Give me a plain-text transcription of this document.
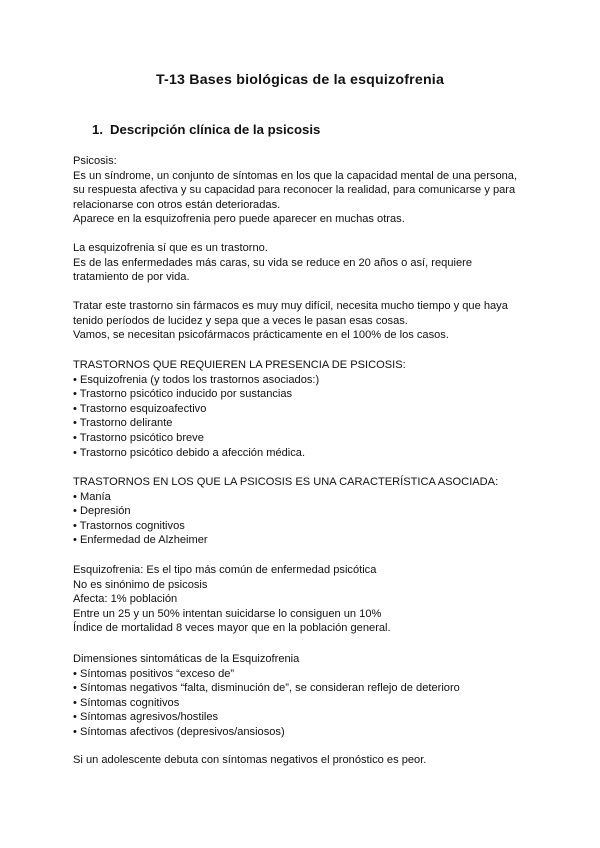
T-13 Bases biológicas de la esquizofrenia
1. Descripción clínica de la psicosis

Psicosis:

Es un síndrome, un conjunto de síntomas en los que la capacidad mental de una persona,

su respuesta afectiva y su capacidad para reconocer la realidad, para comunicarse y para

relacionarse con otros están deterioradas.

Aparece en la esquizofrenia pero puede aparecer en muchas otras.

La esquizofrenia sí que es un trastorno.

Es de las enfermedades más caras, su vida se reduce en 20 años o así, requiere

tratamiento de por vida.

Tratar este trastorno sin fármacos es muy muy difícil, necesita mucho tiempo y que haya

tenido períodos de lucidez y sepa que a veces le pasan esas cosas.

Vamos, se necesitan psicofármacos prácticamente en el 100% de los casos.

TRASTORNOS QUE REQUIEREN LA PRESENCIA DE PSICOSIS:

• Esquizofrenia (y todos los trastornos asociados:)

• Trastorno psicótico inducido por sustancias

• Trastorno esquizoafectivo

• Trastorno delirante

• Trastorno psicótico breve

• Trastorno psicótico debido a afección médica.

TRASTORNOS EN LOS QUE LA PSICOSIS ES UNA CARACTERÍSTICA ASOCIADA:

• Manía

• Depresión

• Trastornos cognitivos

• Enfermedad de Alzheimer

Esquizofrenia: Es el tipo más común de enfermedad psicótica

No es sinónimo de psicosis

Afecta: 1% población

Entre un 25 y un 50% intentan suicidarse lo consiguen un 10%

Índice de mortalidad 8 veces mayor que en la población general.

Dimensiones sintomáticas de la Esquizofrenia

• Síntomas positivos “exceso de”

• Síntomas negativos “falta, disminución de”, se consideran reflejo de deterioro

• Síntomas cognitivos

• Síntomas agresivos/hostiles

• Síntomas afectivos (depresivos/ansiosos)

Si un adolescente debuta con síntomas negativos el pronóstico es peor.
